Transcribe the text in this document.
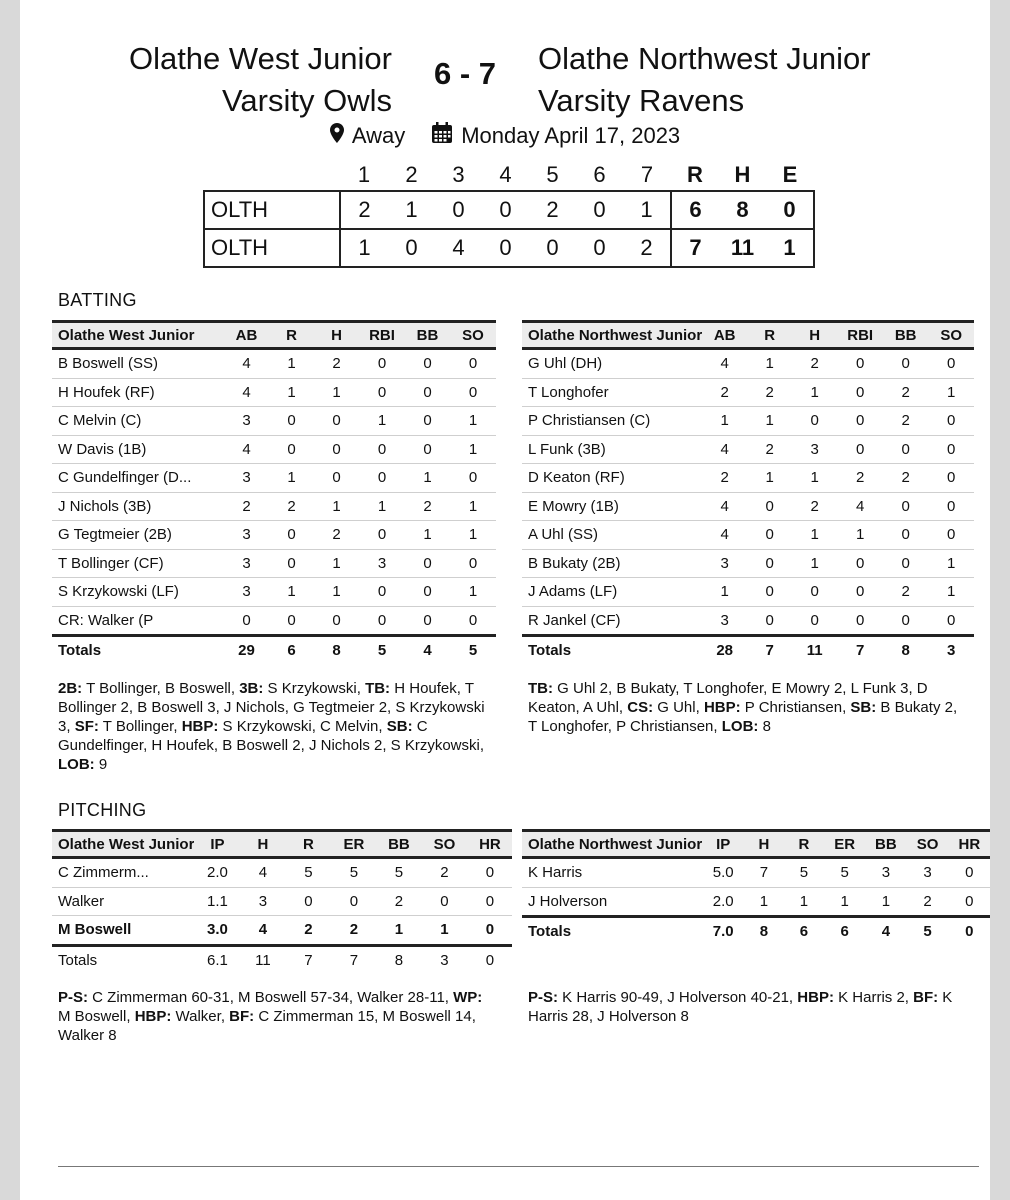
Olathe West Junior Varsity Owls
6 - 7	Olathe Northwest Junior Varsity Ravens
Away	Monday April 17, 2023
	1	2	3	4	5	6	7	R	H	E
OLTH	2	1	0	0	2	0	1	6	8	0
OLTH	1	0	4	0	0	0	2	7	11	1
BATTING
Olathe West Junior	AB	R	H	RBI	BB	SO
B Boswell (SS)	4	1	2	0	0	0
H Houfek (RF)	4	1	1	0	0	0
C Melvin (C)	3	0	0	1	0	1
W Davis (1B)	4	0	0	0	0	1
C Gundelfinger (D...	3	1	0	0	1	0
J Nichols (3B)	2	2	1	1	2	1
G Tegtmeier (2B)	3	0	2	0	1	1
T Bollinger (CF)	3	0	1	3	0	0
S Krzykowski (LF)	3	1	1	0	0	1
CR: Walker (P	0	0	0	0	0	0
Totals	29	6	8	5	4	5
Olathe Northwest Junior	AB	R	H	RBI	BB	SO
G Uhl (DH)	4	1	2	0	0	0
T Longhofer	2	2	1	0	2	1
P Christiansen (C)	1	1	0	0	2	0
L Funk (3B)	4	2	3	0	0	0
D Keaton (RF)	2	1	1	2	2	0
E Mowry (1B)	4	0	2	4	0	0
A Uhl (SS)	4	0	1	1	0	0
B Bukaty (2B)	3	0	1	0	0	1
J Adams (LF)	1	0	0	0	2	1
R Jankel (CF)	3	0	0	0	0	0
Totals	28	7	11	7	8	3
2B: T Bollinger, B Boswell, 3B: S Krzykowski, TB: H Houfek, T Bollinger 2, B Boswell 3, J Nichols, G Tegtmeier 2, S Krzykowski 3, SF: T Bollinger, HBP: S Krzykowski, C Melvin, SB: C Gundelfinger, H Houfek, B Boswell 2, J Nichols 2, S Krzykowski, LOB: 9
TB: G Uhl 2, B Bukaty, T Longhofer, E Mowry 2, L Funk 3, D Keaton, A Uhl, CS: G Uhl, HBP: P Christiansen, SB: B Bukaty 2, T Longhofer, P Christiansen, LOB: 8
PITCHING
Olathe West Junior	IP	H	R	ER	BB	SO	HR
C Zimmerm...	2.0	4	5	5	5	2	0
Walker	1.1	3	0	0	2	0	0
M Boswell	3.0	4	2	2	1	1	0
Totals	6.1	11	7	7	8	3	0
Olathe Northwest Junior	IP	H	R	ER	BB	SO	HR
K Harris	5.0	7	5	5	3	3	0
J Holverson	2.0	1	1	1	1	2	0
Totals	7.0	8	6	6	4	5	0
P-S: C Zimmerman 60-31, M Boswell 57-34, Walker 28-11, WP: M Boswell, HBP: Walker, BF: C Zimmerman 15, M Boswell 14, Walker 8
P-S: K Harris 90-49, J Holverson 40-21, HBP: K Harris 2, BF: K Harris 28, J Holverson 8
